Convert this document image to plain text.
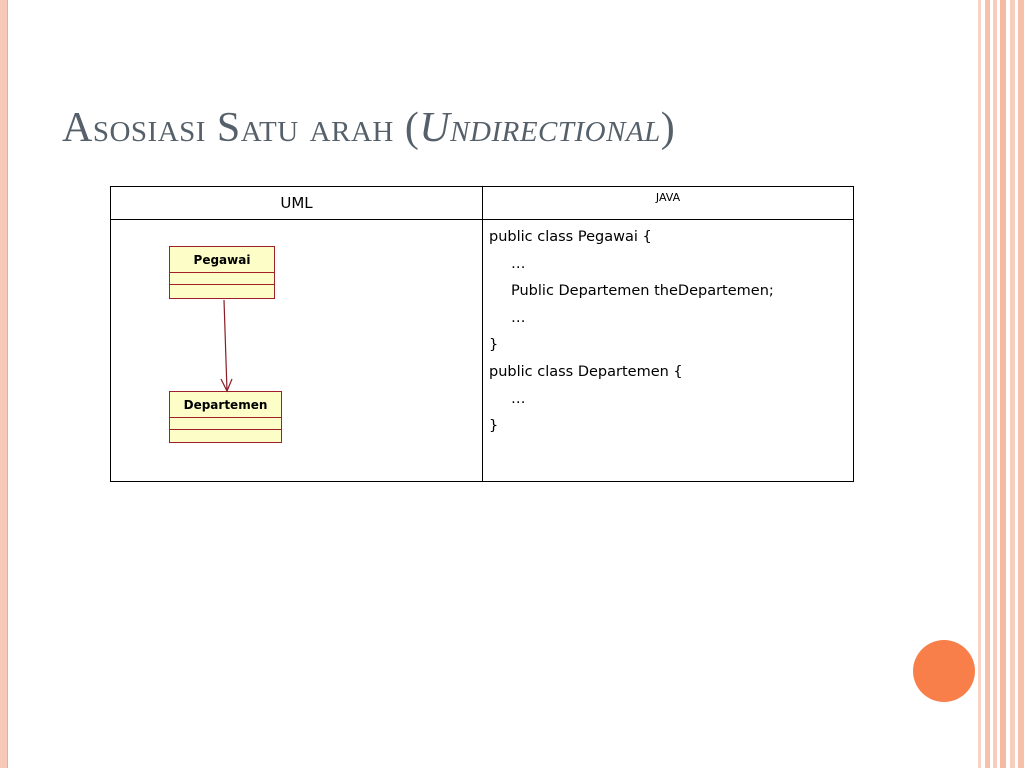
Asosiasi Satu arah (Undirectional)
UML	JAVA
public class Pegawai {
…
Public Departemen theDepartemen;
…
}
public class Departemen {
…
}
Pegawai
Departemen
